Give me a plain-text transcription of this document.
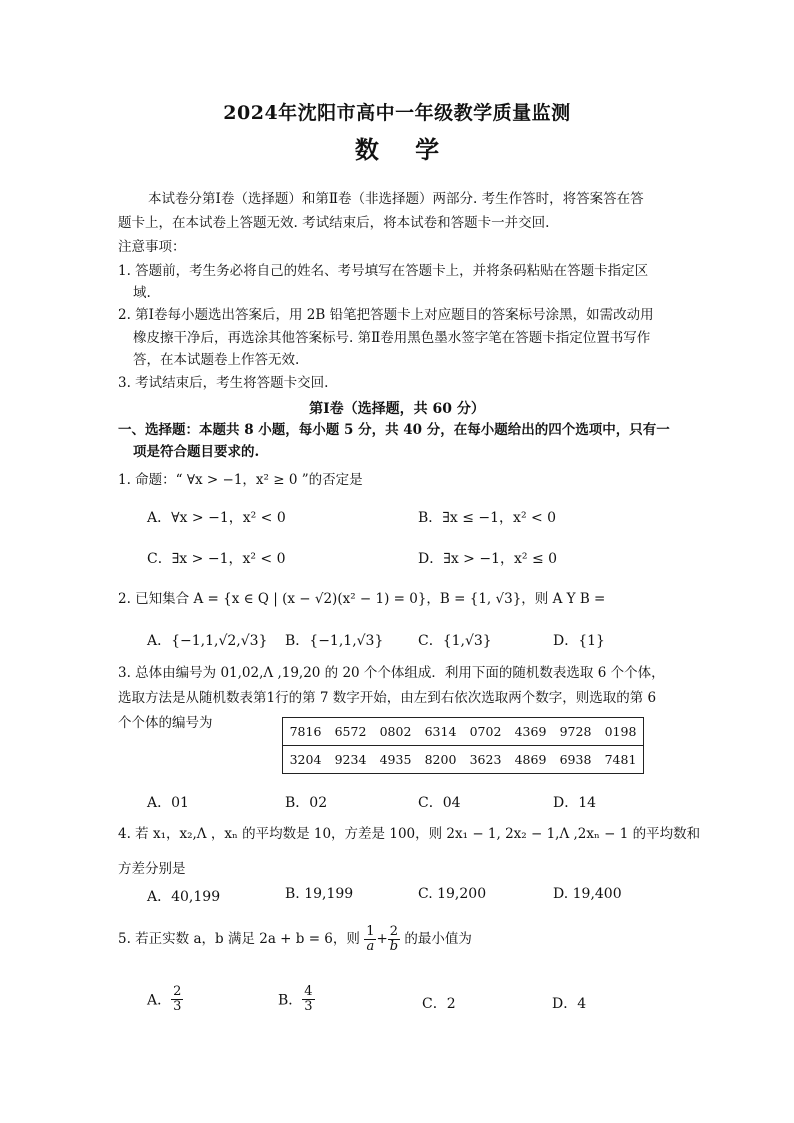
2024年沈阳市高中一年级教学质量监测
数 学
本试卷分第Ⅰ卷（选择题）和第Ⅱ卷（非选择题）两部分. 考生作答时，将答案答在答
题卡上，在本试卷上答题无效. 考试结束后，将本试卷和答题卡一并交回.
注意事项：
1. 答题前，考生务必将自己的姓名、考号填写在答题卡上，并将条码粘贴在答题卡指定区
域.
2. 第Ⅰ卷每小题选出答案后，用 2B 铅笔把答题卡上对应题目的答案标号涂黑，如需改动用
橡皮擦干净后，再选涂其他答案标号. 第Ⅱ卷用黑色墨水签字笔在答题卡指定位置书写作
答，在本试题卷上作答无效.
3. 考试结束后，考生将答题卡交回.
第Ⅰ卷（选择题，共 60 分）
一、选择题：本题共 8 小题，每小题 5 分，共 40 分，在每小题给出的四个选项中，只有一
项是符合题目要求的.
1. 命题：“ ∀x > −1，x² ≥ 0 ”的否定是
A．∀x > −1，x² < 0	B．∃x ≤ −1，x² < 0
C．∃x > −1，x² < 0	D．∃x > −1，x² ≤ 0
2. 已知集合 A = {x ∈ Q | (x − √2)(x² − 1) = 0}，B = {1, √3}，则 A Y B =
A．{−1,1,√2,√3} B．{−1,1,√3} C．{1,√3}	D．{1}
3. 总体由编号为 01,02,Λ ,19,20 的 20 个个体组成．利用下面的随机数表选取 6 个个体，
选取方法是从随机数表第1行的第 7 数字开始，由左到右依次选取两个数字，则选取的第 6
个个体的编号为
7816 6572 0802 6314 0702 4369 9728 0198
3204 9234 4935 8200 3623 4869 6938 7481
A．01	B．02	C．04	D．14
4. 若 x₁，x₂,Λ ，xₙ 的平均数是 10，方差是 100，则 2x₁ − 1, 2x₂ − 1,Λ ,2xₙ − 1 的平均数和
方差分别是
A．40,199	B. 19,199	C. 19,200	D. 19,400
5. 若正实数 a，b 满足 2a + b = 6，则 $\frac{1}{a} + \frac{2}{b}$ 的最小值为
A． $\frac{2}{3}$	B． $\frac{4}{3}$	C．2	D．4
